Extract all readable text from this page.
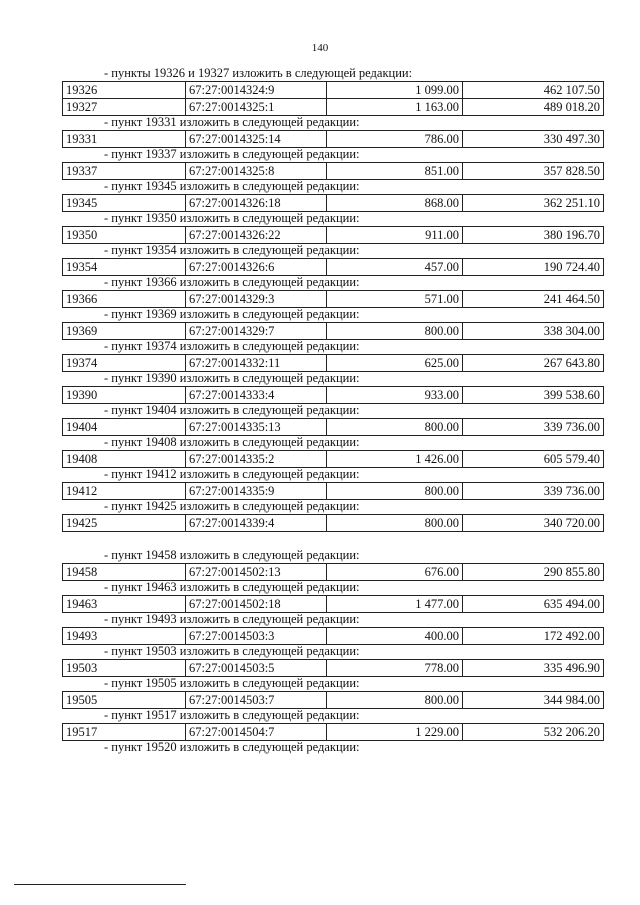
140
- пункты 19326 и 19327 изложить в следующей редакции:
19326	67:27:0014324:9	1 099.00	462 107.50
19327	67:27:0014325:1	1 163.00	489 018.20
- пункт 19331 изложить в следующей редакции:
19331	67:27:0014325:14	786.00	330 497.30
- пункт 19337 изложить в следующей редакции:
19337	67:27:0014325:8	851.00	357 828.50
- пункт 19345 изложить в следующей редакции:
19345	67:27:0014326:18	868.00	362 251.10
- пункт 19350 изложить в следующей редакции:
19350	67:27:0014326:22	911.00	380 196.70
- пункт 19354 изложить в следующей редакции:
19354	67:27:0014326:6	457.00	190 724.40
- пункт 19366 изложить в следующей редакции:
19366	67:27:0014329:3	571.00	241 464.50
- пункт 19369 изложить в следующей редакции:
19369	67:27:0014329:7	800.00	338 304.00
- пункт 19374 изложить в следующей редакции:
19374	67:27:0014332:11	625.00	267 643.80
- пункт 19390 изложить в следующей редакции:
19390	67:27:0014333:4	933.00	399 538.60
- пункт 19404 изложить в следующей редакции:
19404	67:27:0014335:13	800.00	339 736.00
- пункт 19408 изложить в следующей редакции:
19408	67:27:0014335:2	1 426.00	605 579.40
- пункт 19412 изложить в следующей редакции:
19412	67:27:0014335:9	800.00	339 736.00
- пункт 19425 изложить в следующей редакции:
19425	67:27:0014339:4	800.00	340 720.00
- пункт 19458 изложить в следующей редакции:
19458	67:27:0014502:13	676.00	290 855.80
- пункт 19463 изложить в следующей редакции:
19463	67:27:0014502:18	1 477.00	635 494.00
- пункт 19493 изложить в следующей редакции:
19493	67:27:0014503:3	400.00	172 492.00
- пункт 19503 изложить в следующей редакции:
19503	67:27:0014503:5	778.00	335 496.90
- пункт 19505 изложить в следующей редакции:
19505	67:27:0014503:7	800.00	344 984.00
- пункт 19517 изложить в следующей редакции:
19517	67:27:0014504:7	1 229.00	532 206.20
- пункт 19520 изложить в следующей редакции:
